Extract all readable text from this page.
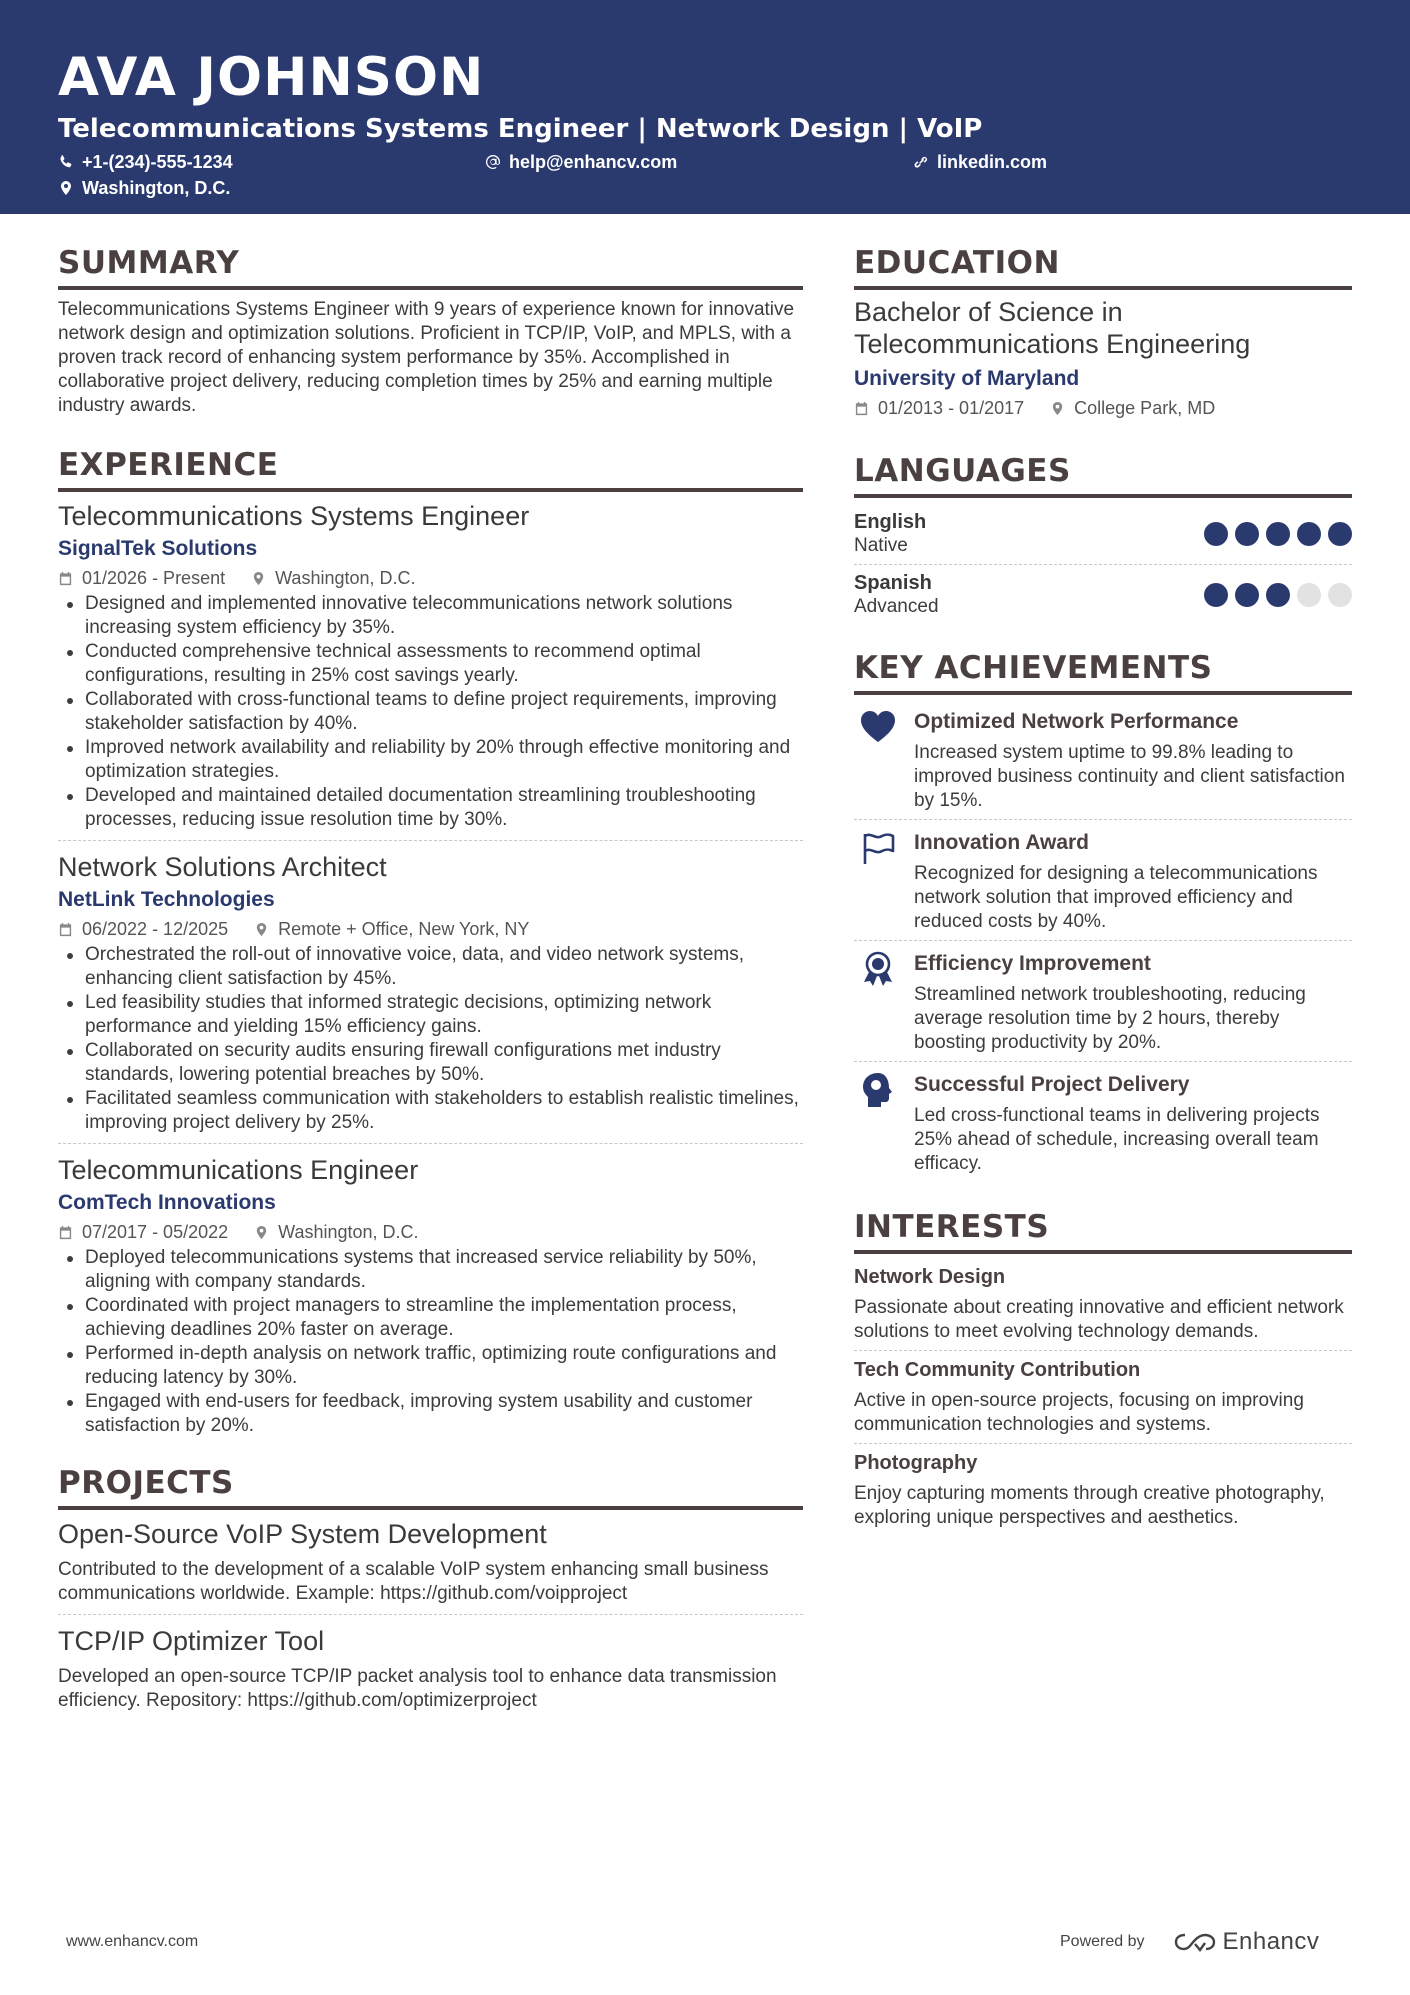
AVA JOHNSON
Telecommunications Systems Engineer | Network Design | VoIP
+1-(234)-555-1234	help@enhancv.com	linkedin.com
Washington, D.C.
SUMMARY
Telecommunications Systems Engineer with 9 years of experience known for innovative network design and optimization solutions. Proficient in TCP/IP, VoIP, and MPLS, with a proven track record of enhancing system performance by 35%. Accomplished in collaborative project delivery, reducing completion times by 25% and earning multiple industry awards.
EXPERIENCE
Telecommunications Systems Engineer
SignalTek Solutions
01/2026 - Present	Washington, D.C.
Designed and implemented innovative telecommunications network solutions increasing system efficiency by 35%.
Conducted comprehensive technical assessments to recommend optimal configurations, resulting in 25% cost savings yearly.
Collaborated with cross-functional teams to define project requirements, improving stakeholder satisfaction by 40%.
Improved network availability and reliability by 20% through effective monitoring and optimization strategies.
Developed and maintained detailed documentation streamlining troubleshooting processes, reducing issue resolution time by 30%.
Network Solutions Architect
NetLink Technologies
06/2022 - 12/2025	Remote + Office, New York, NY
Orchestrated the roll-out of innovative voice, data, and video network systems, enhancing client satisfaction by 45%.
Led feasibility studies that informed strategic decisions, optimizing network performance and yielding 15% efficiency gains.
Collaborated on security audits ensuring firewall configurations met industry standards, lowering potential breaches by 50%.
Facilitated seamless communication with stakeholders to establish realistic timelines, improving project delivery by 25%.
Telecommunications Engineer
ComTech Innovations
07/2017 - 05/2022	Washington, D.C.
Deployed telecommunications systems that increased service reliability by 50%, aligning with company standards.
Coordinated with project managers to streamline the implementation process, achieving deadlines 20% faster on average.
Performed in-depth analysis on network traffic, optimizing route configurations and reducing latency by 30%.
Engaged with end-users for feedback, improving system usability and customer satisfaction by 20%.
PROJECTS
Open-Source VoIP System Development
Contributed to the development of a scalable VoIP system enhancing small business communications worldwide. Example: https://github.com/voipproject
TCP/IP Optimizer Tool
Developed an open-source TCP/IP packet analysis tool to enhance data transmission efficiency. Repository: https://github.com/optimizerproject
EDUCATION
Bachelor of Science in Telecommunications Engineering
University of Maryland
01/2013 - 01/2017	College Park, MD
LANGUAGES
English
Native
Spanish
Advanced
KEY ACHIEVEMENTS
Optimized Network Performance
Increased system uptime to 99.8% leading to improved business continuity and client satisfaction by 15%.
Innovation Award
Recognized for designing a telecommunications network solution that improved efficiency and reduced costs by 40%.
Efficiency Improvement
Streamlined network troubleshooting, reducing average resolution time by 2 hours, thereby boosting productivity by 20%.
Successful Project Delivery
Led cross-functional teams in delivering projects 25% ahead of schedule, increasing overall team efficacy.
INTERESTS
Network Design
Passionate about creating innovative and efficient network solutions to meet evolving technology demands.
Tech Community Contribution
Active in open-source projects, focusing on improving communication technologies and systems.
Photography
Enjoy capturing moments through creative photography, exploring unique perspectives and aesthetics.
www.enhancv.com	Powered by	Enhancv
